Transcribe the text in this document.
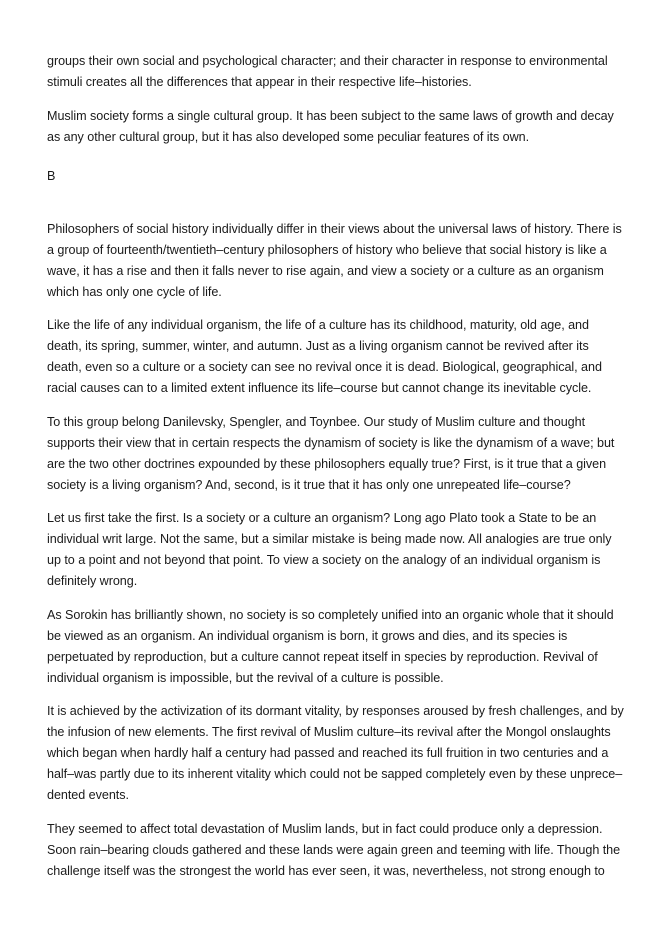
groups their own social and psychological character; and their character in response to environmental
stimuli creates all the differences that appear in their respective life–histories.
Muslim society forms a single cultural group. It has been subject to the same laws of growth and decay
as any other cultural group, but it has also developed some peculiar features of its own.
B
Philosophers of social history individually differ in their views about the universal laws of history. There is
a group of fourteenth/twentieth–century philosophers of history who believe that social history is like a
wave, it has a rise and then it falls never to rise again, and view a society or a culture as an organism
which has only one cycle of life.
Like the life of any individual organism, the life of a culture has its childhood, maturity, old age, and
death, its spring, summer, winter, and autumn. Just as a living organism cannot be revived after its
death, even so a culture or a society can see no revival once it is dead. Biological, geographical, and
racial causes can to a limited extent influence its life–course but cannot change its inevitable cycle.
To this group belong Danilevsky, Spengler, and Toynbee. Our study of Muslim culture and thought
supports their view that in certain respects the dynamism of society is like the dynamism of a wave; but
are the two other doctrines expounded by these philosophers equally true? First, is it true that a given
society is a living organism? And, second, is it true that it has only one unrepeated life–course?
Let us first take the first. Is a society or a culture an organism? Long ago Plato took a State to be an
individual writ large. Not the same, but a similar mistake is being made now. All analogies are true only
up to a point and not beyond that point. To view a society on the analogy of an individual organism is
definitely wrong.
As Sorokin has brilliantly shown, no society is so completely unified into an organic whole that it should
be viewed as an organism. An individual organism is born, it grows and dies, and its species is
perpetuated by reproduction, but a culture cannot repeat itself in species by reproduction. Revival of
individual organism is impossible, but the revival of a culture is possible.
It is achieved by the activization of its dormant vitality, by responses aroused by fresh challenges, and by
the infusion of new elements. The first revival of Muslim culture–its revival after the Mongol onslaughts
which began when hardly half a century had passed and reached its full fruition in two centuries and a
half–was partly due to its inherent vitality which could not be sapped completely even by these unprece–
dented events.
They seemed to affect total devastation of Muslim lands, but in fact could produce only a depression.
Soon rain–bearing clouds gathered and these lands were again green and teeming with life. Though the
challenge itself was the strongest the world has ever seen, it was, nevertheless, not strong enough to
